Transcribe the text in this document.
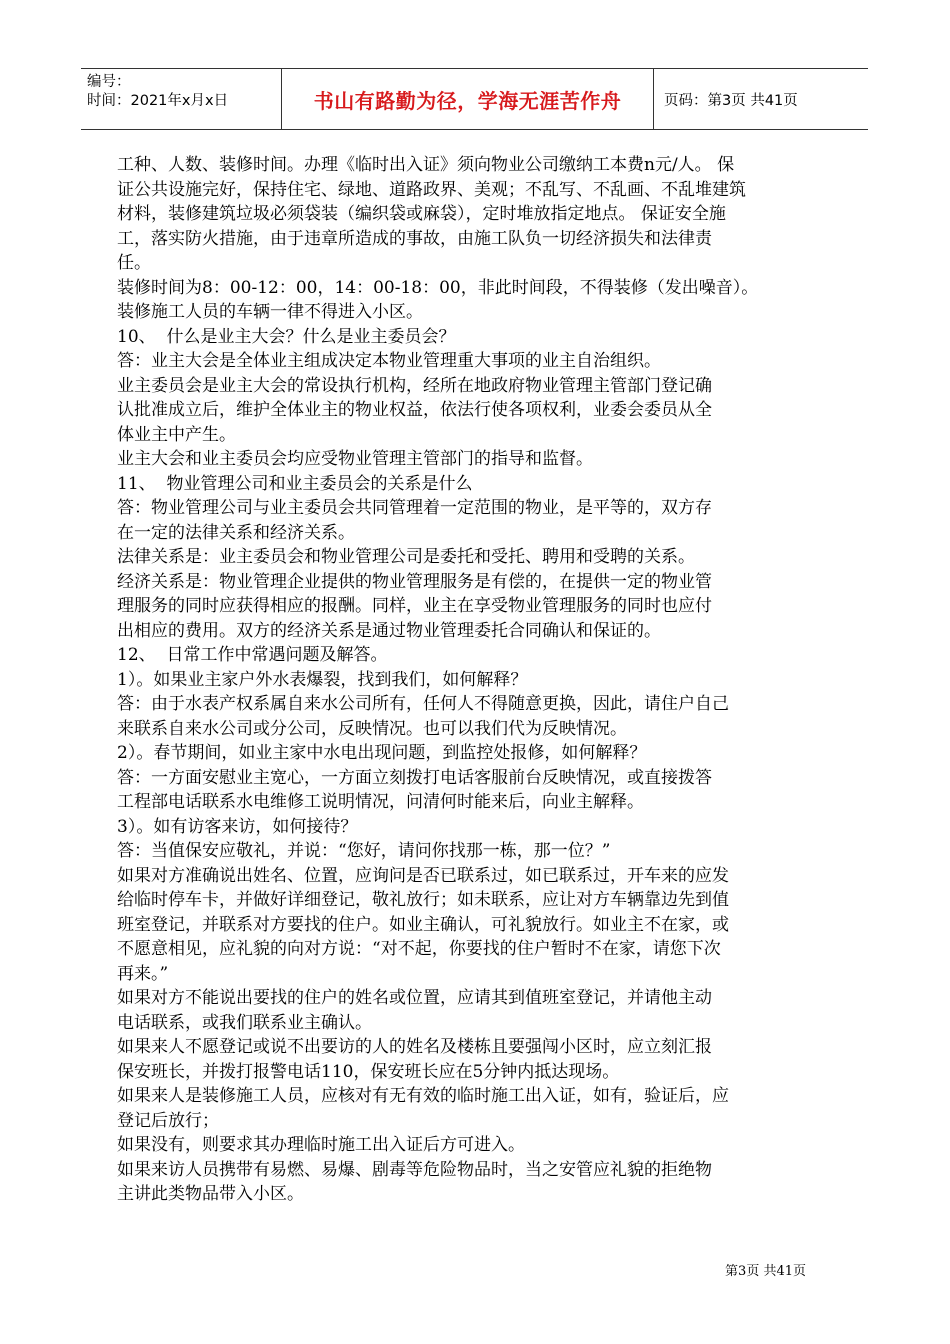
编号：
时间：2021年x月x日	书山有路勤为径，学海无涯苦作舟	页码：第3页 共41页

工种、人数、装修时间。办理《临时出入证》须向物业公司缴纳工本费n元/人。 保

证公共设施完好，保持住宅、绿地、道路政界、美观；不乱写、不乱画、不乱堆建筑

材料，装修建筑垃圾必须袋装（编织袋或麻袋），定时堆放指定地点。 保证安全施

工，落实防火措施，由于违章所造成的事故，由施工队负一切经济损失和法律责

任。

装修时间为8：00-12：00，14：00-18：00，非此时间段，不得装修（发出噪音）。

装修施工人员的车辆一律不得进入小区。

10、  什么是业主大会？什么是业主委员会？

答：业主大会是全体业主组成决定本物业管理重大事项的业主自治组织。

业主委员会是业主大会的常设执行机构，经所在地政府物业管理主管部门登记确

认批准成立后，维护全体业主的物业权益，依法行使各项权利，业委会委员从全

体业主中产生。

业主大会和业主委员会均应受物业管理主管部门的指导和监督。

11、  物业管理公司和业主委员会的关系是什么

答：物业管理公司与业主委员会共同管理着一定范围的物业，是平等的，双方存

在一定的法律关系和经济关系。

法律关系是：业主委员会和物业管理公司是委托和受托、聘用和受聘的关系。

经济关系是：物业管理企业提供的物业管理服务是有偿的，在提供一定的物业管

理服务的同时应获得相应的报酬。同样，业主在享受物业管理服务的同时也应付

出相应的费用。双方的经济关系是通过物业管理委托合同确认和保证的。

12、  日常工作中常遇问题及解答。

1）。如果业主家户外水表爆裂，找到我们，如何解释？

答：由于水表产权系属自来水公司所有，任何人不得随意更换，因此，请住户自己

来联系自来水公司或分公司，反映情况。也可以我们代为反映情况。

2）。春节期间，如业主家中水电出现问题，到监控处报修，如何解释？

答：一方面安慰业主宽心，一方面立刻拨打电话客服前台反映情况，或直接拨答

工程部电话联系水电维修工说明情况，问清何时能来后，向业主解释。

3）。如有访客来访，如何接待？

答：当值保安应敬礼，并说：“您好，请问你找那一栋，那一位？”

如果对方准确说出姓名、位置，应询问是否已联系过，如已联系过，开车来的应发

给临时停车卡，并做好详细登记，敬礼放行；如未联系，应让对方车辆靠边先到值

班室登记，并联系对方要找的住户。如业主确认，可礼貌放行。如业主不在家，或

不愿意相见，应礼貌的向对方说：“对不起，你要找的住户暂时不在家，请您下次

再来。”

如果对方不能说出要找的住户的姓名或位置，应请其到值班室登记，并请他主动

电话联系，或我们联系业主确认。

如果来人不愿登记或说不出要访的人的姓名及楼栋且要强闯小区时，应立刻汇报

保安班长，并拨打报警电话110，保安班长应在5分钟内抵达现场。

如果来人是装修施工人员，应核对有无有效的临时施工出入证，如有，验证后，应

登记后放行；

如果没有，则要求其办理临时施工出入证后方可进入。

如果来访人员携带有易燃、易爆、剧毒等危险物品时，当之安管应礼貌的拒绝物

主讲此类物品带入小区。

第3页 共41页
